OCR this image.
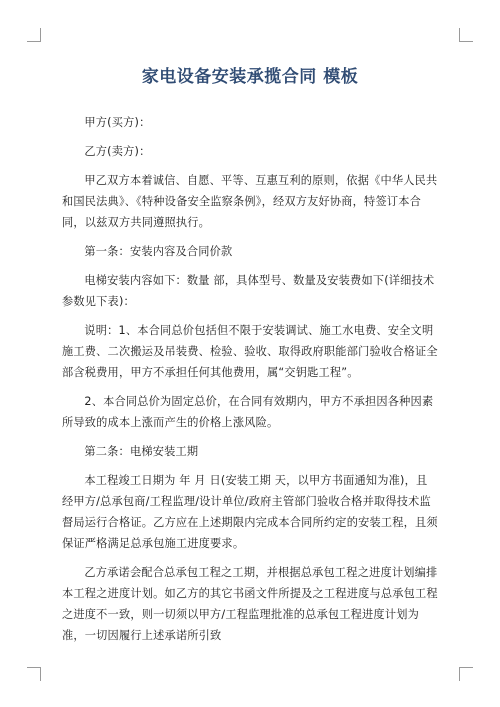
家电设备安装承揽合同 模板

甲方(买方)：

乙方(卖方)：

甲乙双方本着诚信、自愿、平等、互惠互利的原则，依据《中华人民共和国民法典》、《特种设备安全监察条例》，经双方友好协商，特签订本合同，以兹双方共同遵照执行。

第一条：安装内容及合同价款

电梯安装内容如下：数量 部，具体型号、数量及安装费如下(详细技术参数见下表)：

说明：1、本合同总价包括但不限于安装调试、施工水电费、安全文明施工费、二次搬运及吊装费、检验、验收、取得政府职能部门验收合格证全部含税费用，甲方不承担任何其他费用，属“交钥匙工程”。

2、本合同总价为固定总价，在合同有效期内，甲方不承担因各种因素所导致的成本上涨而产生的价格上涨风险。

第二条：电梯安装工期

本工程竣工日期为 年 月 日(安装工期 天，以甲方书面通知为准)，且经甲方/总承包商/工程监理/设计单位/政府主管部门验收合格并取得技术监督局运行合格证。乙方应在上述期限内完成本合同所约定的安装工程，且须保证严格满足总承包施工进度要求。

乙方承诺会配合总承包工程之工期，并根据总承包工程之进度计划编排本工程之进度计划。如乙方的其它书函文件所提及之工程进度与总承包工程之进度不一致，则一切须以甲方/工程监理批准的总承包工程进度计划为准，一切因履行上述承诺所引致
